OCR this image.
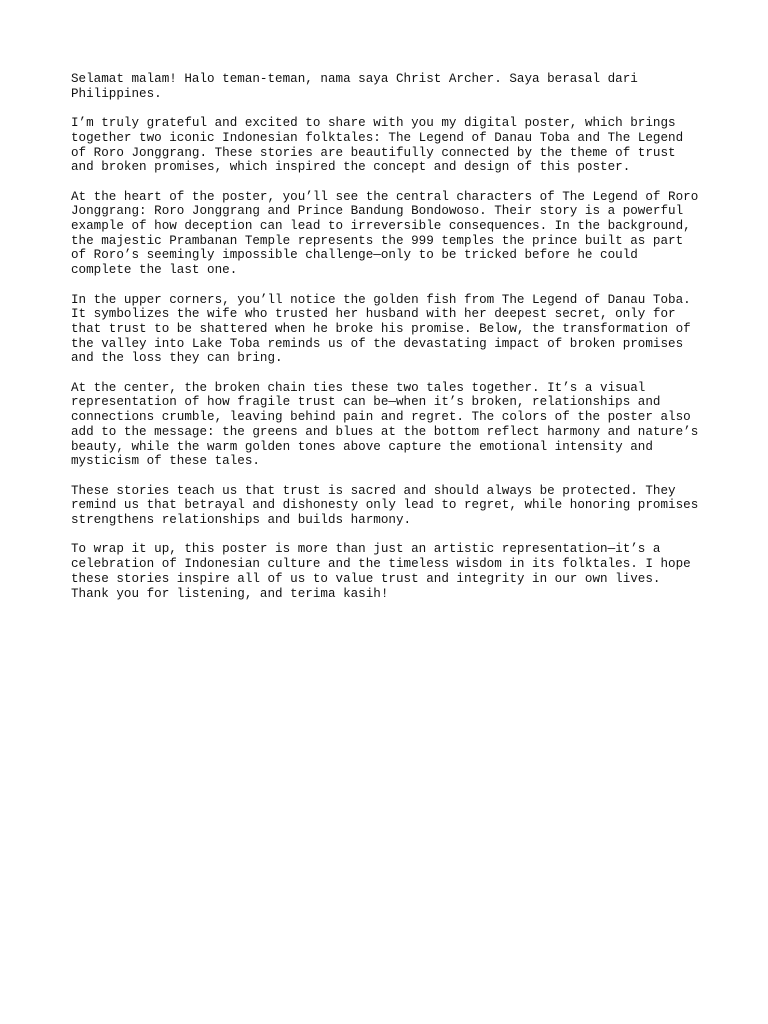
Selamat malam! Halo teman-teman, nama saya Christ Archer. Saya berasal dari
Philippines.

I’m truly grateful and excited to share with you my digital poster, which brings
together two iconic Indonesian folktales: The Legend of Danau Toba and The Legend
of Roro Jonggrang. These stories are beautifully connected by the theme of trust
and broken promises, which inspired the concept and design of this poster.

At the heart of the poster, you’ll see the central characters of The Legend of Roro
Jonggrang: Roro Jonggrang and Prince Bandung Bondowoso. Their story is a powerful
example of how deception can lead to irreversible consequences. In the background,
the majestic Prambanan Temple represents the 999 temples the prince built as part
of Roro’s seemingly impossible challenge—only to be tricked before he could
complete the last one.

In the upper corners, you’ll notice the golden fish from The Legend of Danau Toba.
It symbolizes the wife who trusted her husband with her deepest secret, only for
that trust to be shattered when he broke his promise. Below, the transformation of
the valley into Lake Toba reminds us of the devastating impact of broken promises
and the loss they can bring.

At the center, the broken chain ties these two tales together. It’s a visual
representation of how fragile trust can be—when it’s broken, relationships and
connections crumble, leaving behind pain and regret. The colors of the poster also
add to the message: the greens and blues at the bottom reflect harmony and nature’s
beauty, while the warm golden tones above capture the emotional intensity and
mysticism of these tales.

These stories teach us that trust is sacred and should always be protected. They
remind us that betrayal and dishonesty only lead to regret, while honoring promises
strengthens relationships and builds harmony.

To wrap it up, this poster is more than just an artistic representation—it’s a
celebration of Indonesian culture and the timeless wisdom in its folktales. I hope
these stories inspire all of us to value trust and integrity in our own lives.
Thank you for listening, and terima kasih!
